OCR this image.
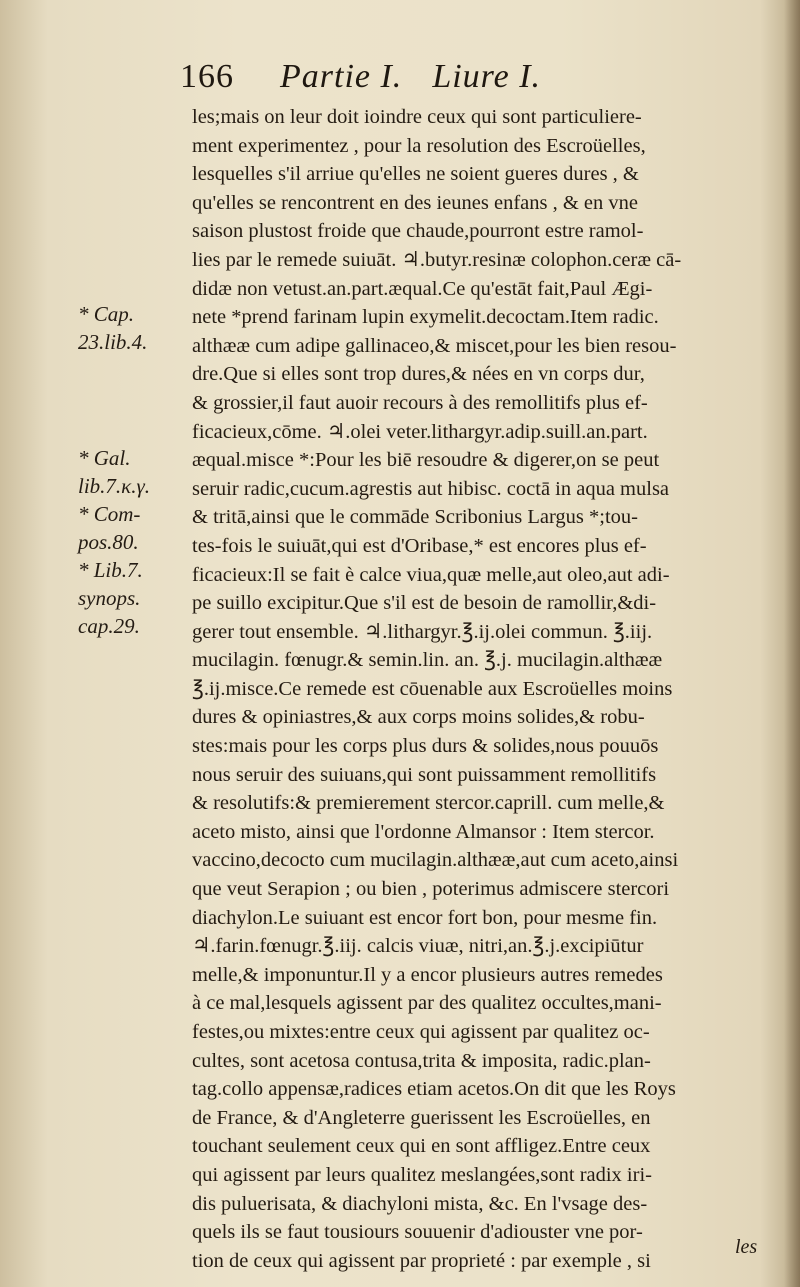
166 Partie I. Liure I.
* Cap.
23.lib.4.
* Gal.
lib.7.κ.γ.
* Com-
pos.80.
* Lib.7.
synops.
cap.29.
les;mais on leur doit ioindre ceux qui sont particuliere-
ment experimentez , pour la resolution des Escroüelles,
lesquelles s'il arriue qu'elles ne soient gueres dures , &
qu'elles se rencontrent en des ieunes enfans , & en vne
saison plustost froide que chaude,pourront estre ramol-
lies par le remede suiuāt. ♃.butyr.resinæ colophon.ceræ cā-
didæ non vetust.an.part.æqual.Ce qu'estāt fait,Paul Ægi-
nete *prend farinam lupin exymelit.decoctam.Item radic.
althææ cum adipe gallinaceo,& miscet,pour les bien resou-
dre.Que si elles sont trop dures,& nées en vn corps dur,
& grossier,il faut auoir recours à des remollitifs plus ef-
ficacieux,cōme. ♃.olei veter.lithargyr.adip.suill.an.part.
æqual.misce *:Pour les biē resoudre & digerer,on se peut
seruir radic,cucum.agrestis aut hibisc. coctā in aqua mulsa
& tritā,ainsi que le commāde Scribonius Largus *;tou-
tes-fois le suiuāt,qui est d'Oribase,* est encores plus ef-
ficacieux:Il se fait è calce viua,quæ melle,aut oleo,aut adi-
pe suillo excipitur.Que s'il est de besoin de ramollir,&di-
gerer tout ensemble. ♃.lithargyr.℥.ij.olei commun. ℥.iij.
mucilagin. fœnugr.& semin.lin. an. ℥.j. mucilagin.althææ
℥.ij.misce.Ce remede est cōuenable aux Escroüelles moins
dures & opiniastres,& aux corps moins solides,& robu-
stes:mais pour les corps plus durs & solides,nous pouuōs
nous seruir des suiuans,qui sont puissamment remollitifs
& resolutifs:& premierement stercor.caprill. cum melle,&
aceto misto, ainsi que l'ordonne Almansor : Item stercor.
vaccino,decocto cum mucilagin.althææ,aut cum aceto,ainsi
que veut Serapion ; ou bien , poterimus admiscere stercori
diachylon.Le suiuant est encor fort bon, pour mesme fin.
♃.farin.fœnugr.℥.iij. calcis viuæ, nitri,an.℥.j.excipiūtur
melle,& imponuntur.Il y a encor plusieurs autres remedes
à ce mal,lesquels agissent par des qualitez occultes,mani-
festes,ou mixtes:entre ceux qui agissent par qualitez oc-
cultes, sont acetosa contusa,trita & imposita, radic.plan-
tag.collo appensæ,radices etiam acetos.On dit que les Roys
de France, & d'Angleterre guerissent les Escroüelles, en
touchant seulement ceux qui en sont affligez.Entre ceux
qui agissent par leurs qualitez meslangées,sont radix iri-
dis puluerisata, & diachyloni mista, &c. En l'vsage des-
quels ils se faut tousiours souuenir d'adiouster vne por-
tion de ceux qui agissent par proprieté : par exemple , si
les
